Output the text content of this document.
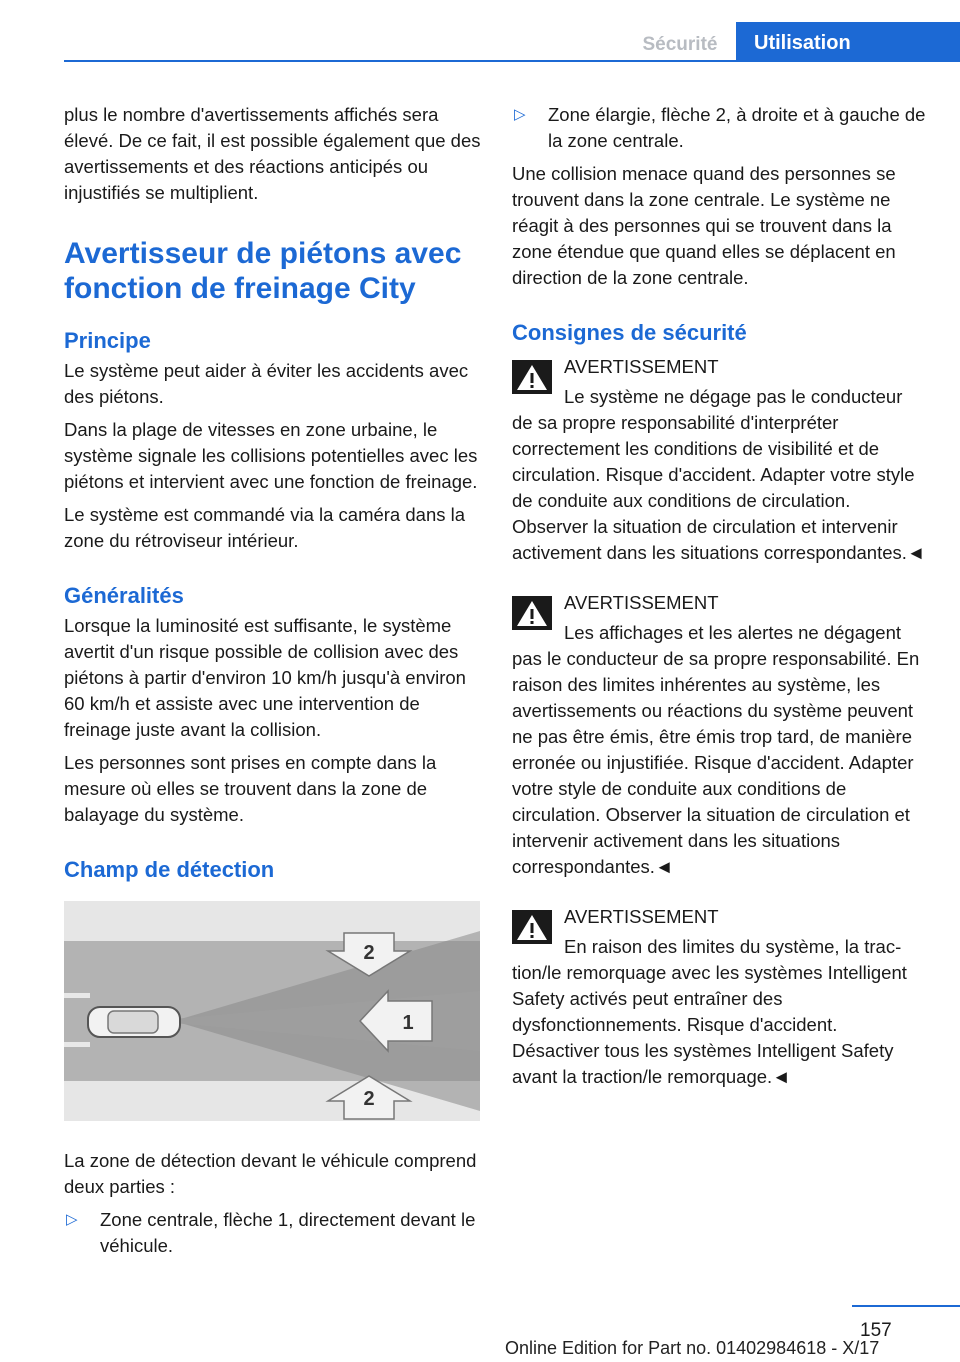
Sécurité	Utilisation

plus le nombre d'avertissements affichés sera élevé. De ce fait, il est possible également que des avertissements et des réactions anticipés ou injustifiés se multiplient.

Avertisseur de piétons avec fonction de freinage City
Principe

Le système peut aider à éviter les accidents avec des piétons.

Dans la plage de vitesses en zone urbaine, le système signale les collisions potentielles avec les piétons et intervient avec une fonction de freinage.

Le système est commandé via la caméra dans la zone du rétroviseur intérieur.

Généralités

Lorsque la luminosité est suffisante, le système avertit d'un risque possible de collision avec des piétons à partir d'environ 10 km/h jusqu'à environ 60 km/h et assiste avec une intervention de freinage juste avant la collision.

Les personnes sont prises en compte dans la mesure où elles se trouvent dans la zone de balayage du système.

Champ de détection
2
1
2

La zone de détection devant le véhicule comprend deux parties :

▷ Zone centrale, flèche 1, directement devant le véhicule.
▷ Zone élargie, flèche 2, à droite et à gauche de la zone centrale.

Une collision menace quand des personnes se trouvent dans la zone centrale. Le système ne réagit à des personnes qui se trouvent dans la zone étendue que quand elles se déplacent en direction de la zone centrale.

Consignes de sécurité
AVERTISSEMENT
Le système ne dégage pas le conducteur
de sa propre responsabilité d'interpréter correctement les conditions de visibilité et de circulation. Risque d'accident. Adapter votre style de conduite aux conditions de circulation. Observer la situation de circulation et intervenir activement dans les situations correspondantes.◄
AVERTISSEMENT
Les affichages et les alertes ne dégagent
pas le conducteur de sa propre responsabilité. En raison des limites inhérentes au système, les avertissements ou réactions du système peuvent ne pas être émis, être émis trop tard, de manière erronée ou injustifiée. Risque d'accident. Adapter votre style de conduite aux conditions de circulation. Observer la situation de circulation et intervenir activement dans les situations correspondantes.◄
AVERTISSEMENT
En raison des limites du système, la trac-
tion/le remorquage avec les systèmes Intelligent Safety activés peut entraîner des dysfonctionnements. Risque d'accident. Désactiver tous les systèmes Intelligent Safety avant la traction/le remorquage.◄
157
Online Edition for Part no. 01402984618 - X/17
